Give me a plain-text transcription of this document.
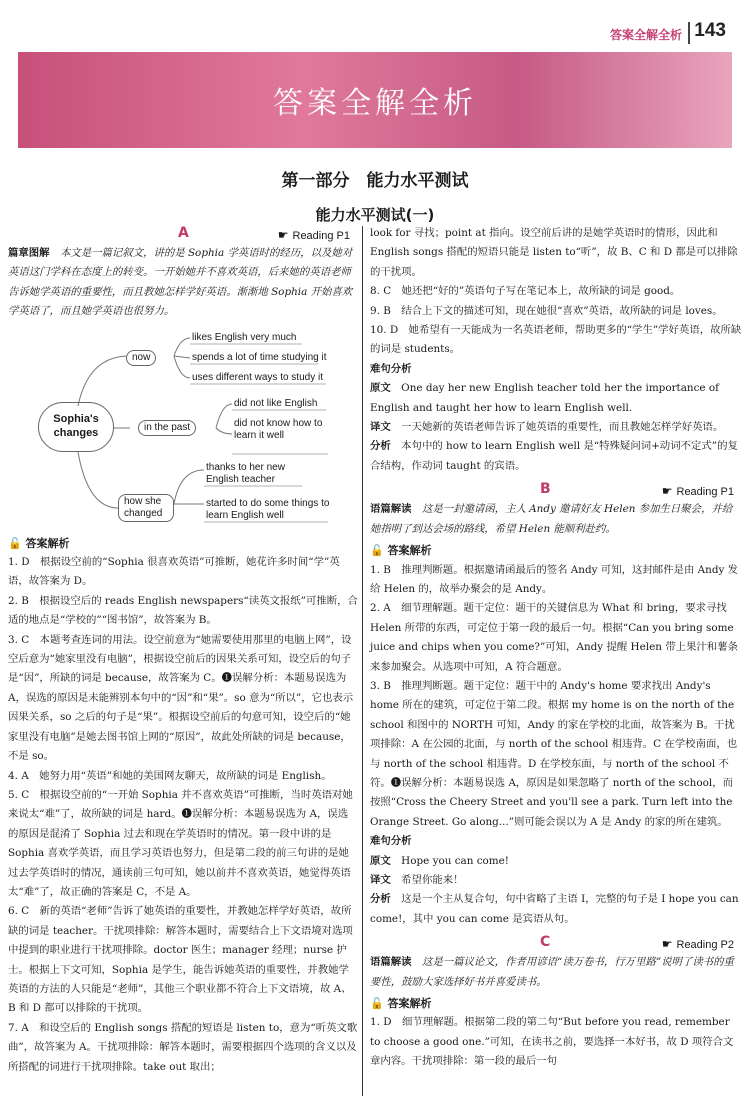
答案全解全析 143
答案全解全析
第一部分　能力水平测试
能力水平测试(一)
A	☛ Reading P1
篇章图解　 本文是一篇记叙文，讲的是 Sophia 学英语时的经历，以及她对英语这门学科在态度上的转变。一开始她并不喜欢英语，后来她的英语老师告诉她学英语的重要性，而且教她怎样学好英语。渐渐地 Sophia 开始喜欢学英语了，而且她学英语也很努力。
Sophia's changes
now
likes English very much
spends a lot of time studying it
uses different ways to study it
in the past
did not like English
did not know how to learn it well
how she changed
thanks to her new English teacher
started to do some things to learn English well
🔓 答案解析
1. D　根据设空前的“Sophia 很喜欢英语”可推断，她花许多时间“学”英语，故答案为 D。
2. B　根据设空后的 reads English newspapers“读英文报纸”可推断，合适的地点是“学校的”“图书馆”，故答案为 B。
3. C　本题考查连词的用法。设空前意为“她需要使用那里的电脑上网”，设空后意为“她家里没有电脑”，根据设空前后的因果关系可知，设空后的句子是“因”，所缺的词是 because，故答案为 C。❶误解分析：本题易误选为 A，误选的原因是未能辨别本句中的“因”和“果”。so 意为“所以”，它也表示因果关系，so 之后的句子是“果”。根据设空前后的句意可知，设空后的“她家里没有电脑”是她去图书馆上网的“原因”，故此处所缺的词是 because，不是 so。
4. A　她努力用“英语”和她的美国网友聊天，故所缺的词是 English。
5. C　根据设空前的“一开始 Sophia 并不喜欢英语”可推断，当时英语对她来说太“难”了，故所缺的词是 hard。❶误解分析：本题易误选为 A，误选的原因是混淆了 Sophia 过去和现在学英语时的情况。第一段中讲的是 Sophia 喜欢学英语，而且学习英语也努力，但是第二段的前三句讲的是她过去学英语时的情况，通读前三句可知，她以前并不喜欢英语，她觉得英语太“难”了，故正确的答案是 C，不是 A。
6. C　新的英语“老师”告诉了她英语的重要性，并教她怎样学好英语，故所缺的词是 teacher。干扰项排除：解答本题时，需要结合上下文语境对选项中提到的职业进行干扰项排除。doctor 医生；manager 经理；nurse 护士。根据上下文可知，Sophia 是学生，能告诉她英语的重要性，并教她学英语的方法的人只能是“老师”，其他三个职业都不符合上下文语境，故 A、B 和 D 都可以排除的干扰项。
7. A　和设空后的 English songs 搭配的短语是 listen to，意为“听英文歌曲”，故答案为 A。干扰项排除：解答本题时，需要根据四个选项的含义以及所搭配的词进行干扰项排除。take out 取出；
look for 寻找；point at 指向。设空前后讲的是她学英语时的情形，因此和 English songs 搭配的短语只能是 listen to“听”，故 B、C 和 D 都是可以排除的干扰项。
8. C　她还把“好的”英语句子写在笔记本上，故所缺的词是 good。
9. B　结合上下文的描述可知，现在她很“喜欢”英语，故所缺的词是 loves。
10. D　她希望有一天能成为一名英语老师，帮助更多的“学生”学好英语，故所缺的词是 students。
难句分析
原文　 One day her new English teacher told her the importance of English and taught her how to learn English well.
译文　 一天她新的英语老师告诉了她英语的重要性，而且教她怎样学好英语。
分析　 本句中的 how to learn English well 是“特殊疑问词+动词不定式”的复合结构，作动词 taught 的宾语。
B	☛ Reading P1
语篇解读　 这是一封邀请函，主人 Andy 邀请好友 Helen 参加生日聚会，并给她指明了到达会场的路线，希望 Helen 能顺利赴约。
🔓 答案解析
1. B　推理判断题。根据邀请函最后的签名 Andy 可知，这封邮件是由 Andy 发给 Helen 的，故举办聚会的是 Andy。
2. A　细节理解题。题干定位：题干的关键信息为 What 和 bring，要求寻找 Helen 所带的东西，可定位于第一段的最后一句。根据“Can you bring some juice and chips when you come?”可知，Andy 提醒 Helen 带上果汁和薯条来参加聚会。从选项中可知，A 符合题意。
3. B　推理判断题。题干定位：题干中的 Andy's home 要求找出 Andy's home 所在的建筑，可定位于第二段。根据 my home is on the north of the school 和图中的 NORTH 可知，Andy 的家在学校的北面，故答案为 B。干扰项排除：A 在公园的北面，与 north of the school 相违背。C 在学校南面，也与 north of the school 相违背。D 在学校东面，与 north of the school 不符。❶误解分析：本题易误选 A，原因是如果忽略了 north of the school，而按照“Cross the Cheery Street and you'll see a park. Turn left into the Orange Street. Go along...”则可能会误以为 A 是 Andy 的家的所在建筑。
难句分析
原文　 Hope you can come!
译文　 希望你能来！
分析　 这是一个主从复合句，句中省略了主语 I，完整的句子是 I hope you can come!，其中 you can come 是宾语从句。
C	☛ Reading P2
语篇解读　 这是一篇议论文，作者用谚语“读万卷书，行万里路”说明了读书的重要性，鼓励大家选择好书并喜爱读书。
🔓 答案解析
1. D　细节理解题。根据第二段的第二句“But before you read, remember to choose a good one.”可知，在读书之前，要选择一本好书，故 D 项符合文章内容。干扰项排除：第一段的最后一句
